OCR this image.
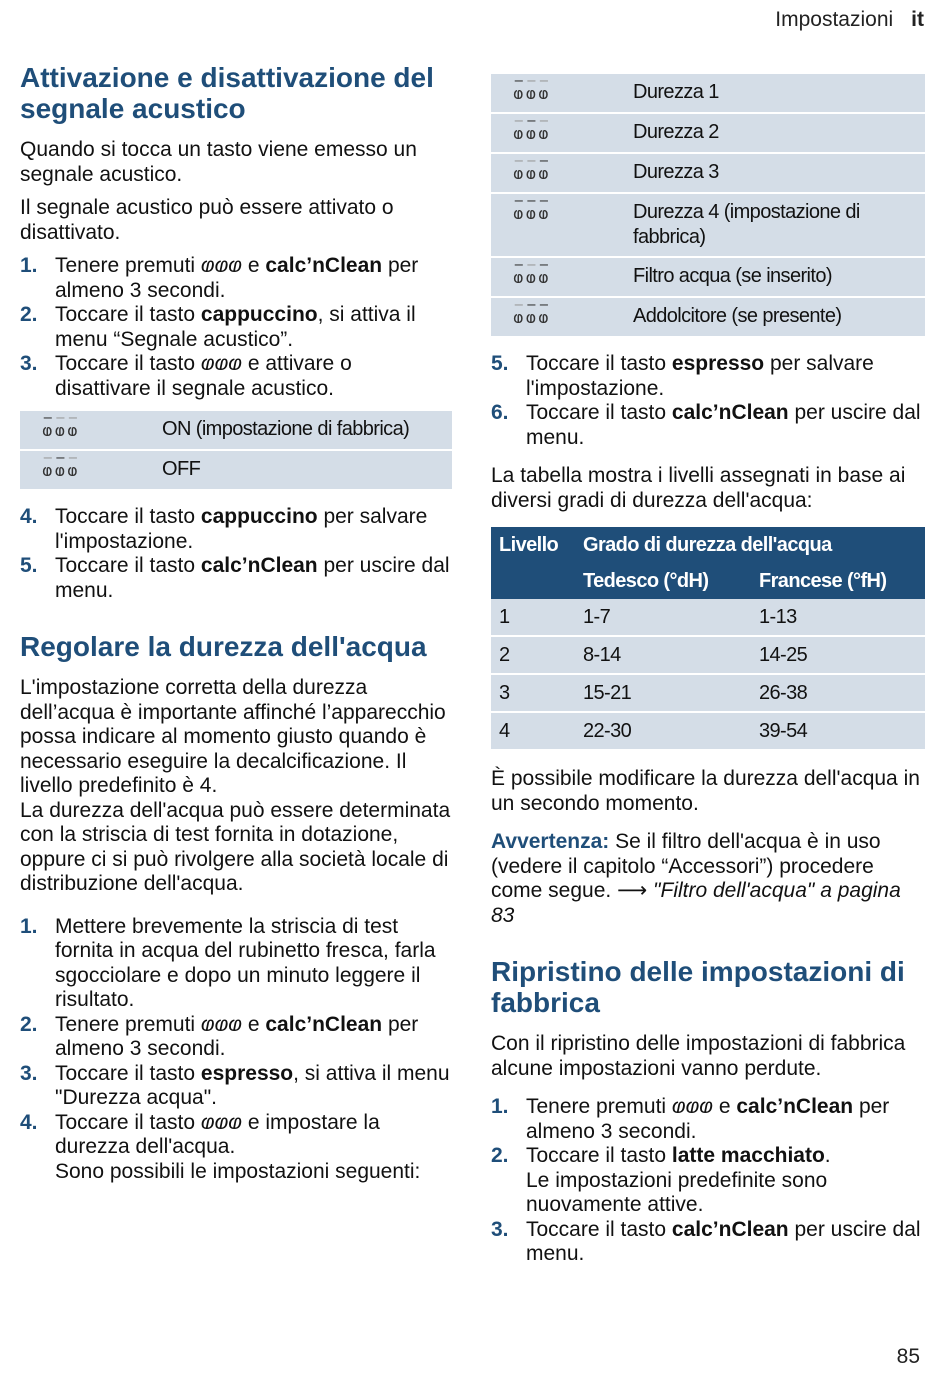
Impostazioni it
Attivazione e disattivazione del segnale acustico

Quando si tocca un tasto viene emesso un segnale acustico.

Il segnale acustico può essere attivato o disattivato.

1. Tenere premuti ⱷⱷⱷ e calc’nClean per almeno 3 secondi.
2. Toccare il tasto cappuccino, si attiva il menu “Segnale acustico”.
3. Toccare il tasto ⱷⱷⱷ e attivare o disattivare il segnale acustico.
‒ ⱷ ‒ ⱷ ‒ ⱷ	ON (impostazione di fabbrica)
‒ ⱷ ‒ ⱷ ‒ ⱷ	OFF
4. Toccare il tasto cappuccino per salvare l'impostazione.
5. Toccare il tasto calc’nClean per uscire dal menu.
Regolare la durezza dell'acqua

L'impostazione corretta della durezza dell’acqua è importante affinché l’apparecchio possa indicare al momento giusto quando è necessario eseguire la decalcificazione. Il livello predefinito è 4.

La durezza dell'acqua può essere determinata con la striscia di test fornita in dotazione, oppure ci si può rivolgere alla società locale di distribuzione dell'acqua.

1. Mettere brevemente la striscia di test fornita in acqua del rubinetto fresca, farla sgocciolare e dopo un minuto leggere il risultato.
2. Tenere premuti ⱷⱷⱷ e calc’nClean per almeno 3 secondi.
3. Toccare il tasto espresso, si attiva il menu "Durezza acqua".
4. Toccare il tasto ⱷⱷⱷ e impostare la durezza dell'acqua.
Sono possibili le impostazioni seguenti:
‒ ⱷ ‒ ⱷ ‒ ⱷ	Durezza 1
‒ ⱷ ‒ ⱷ ‒ ⱷ	Durezza 2
‒ ⱷ ‒ ⱷ ‒ ⱷ	Durezza 3
‒ ⱷ ‒ ⱷ ‒ ⱷ	Durezza 4 (impostazione di fabbrica)
‒ ⱷ ‒ ⱷ ‒ ⱷ	Filtro acqua (se inserito)
‒ ⱷ ‒ ⱷ ‒ ⱷ	Addolcitore (se presente)
5. Toccare il tasto espresso per salvare l'impostazione.
6. Toccare il tasto calc’nClean per uscire dal menu.

La tabella mostra i livelli assegnati in base ai diversi gradi di durezza dell'acqua:

Livello	Grado di durezza dell'acqua	
	Tedesco (°dH)	Francese (°fH)
1	1-7	1-13
2	8-14	14-25
3	15-21	26-38
4	22-30	39-54

È possibile modificare la durezza dell'acqua in un secondo momento.

Avvertenza: Se il filtro dell'acqua è in uso (vedere il capitolo “Accessori”) procedere come segue. ⟶ "Filtro dell'acqua" a pagina 83

Ripristino delle impostazioni di fabbrica

Con il ripristino delle impostazioni di fabbrica alcune impostazioni vanno perdute.

1. Tenere premuti ⱷⱷⱷ e calc’nClean per almeno 3 secondi.
2. Toccare il tasto latte macchiato.
Le impostazioni predefinite sono nuovamente attive.
3. Toccare il tasto calc’nClean per uscire dal menu.
85
